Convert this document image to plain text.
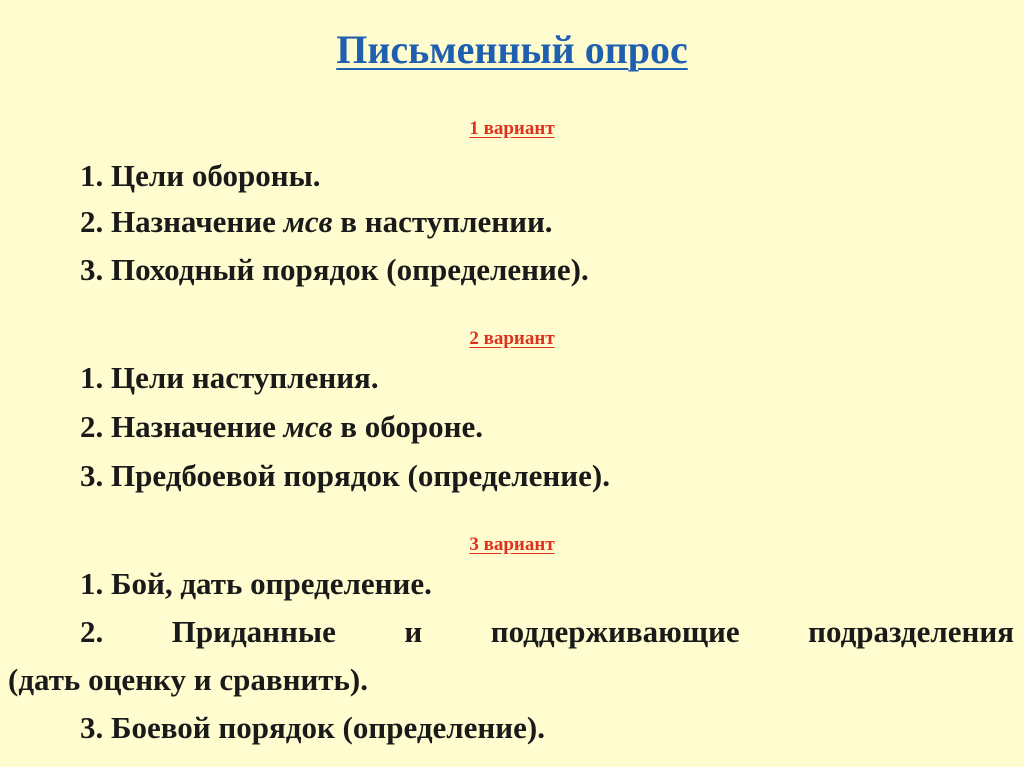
Письменный опрос
1 вариант
1. Цели обороны.
2. Назначение мсв в наступлении.
3. Походный порядок (определение).
2 вариант
1. Цели наступления.
2. Назначение мсв в обороне.
3. Предбоевой порядок (определение).
3 вариант
1. Бой, дать определение.
2. Приданные и поддерживающие подразделения
(дать оценку и сравнить).
3. Боевой порядок (определение).
